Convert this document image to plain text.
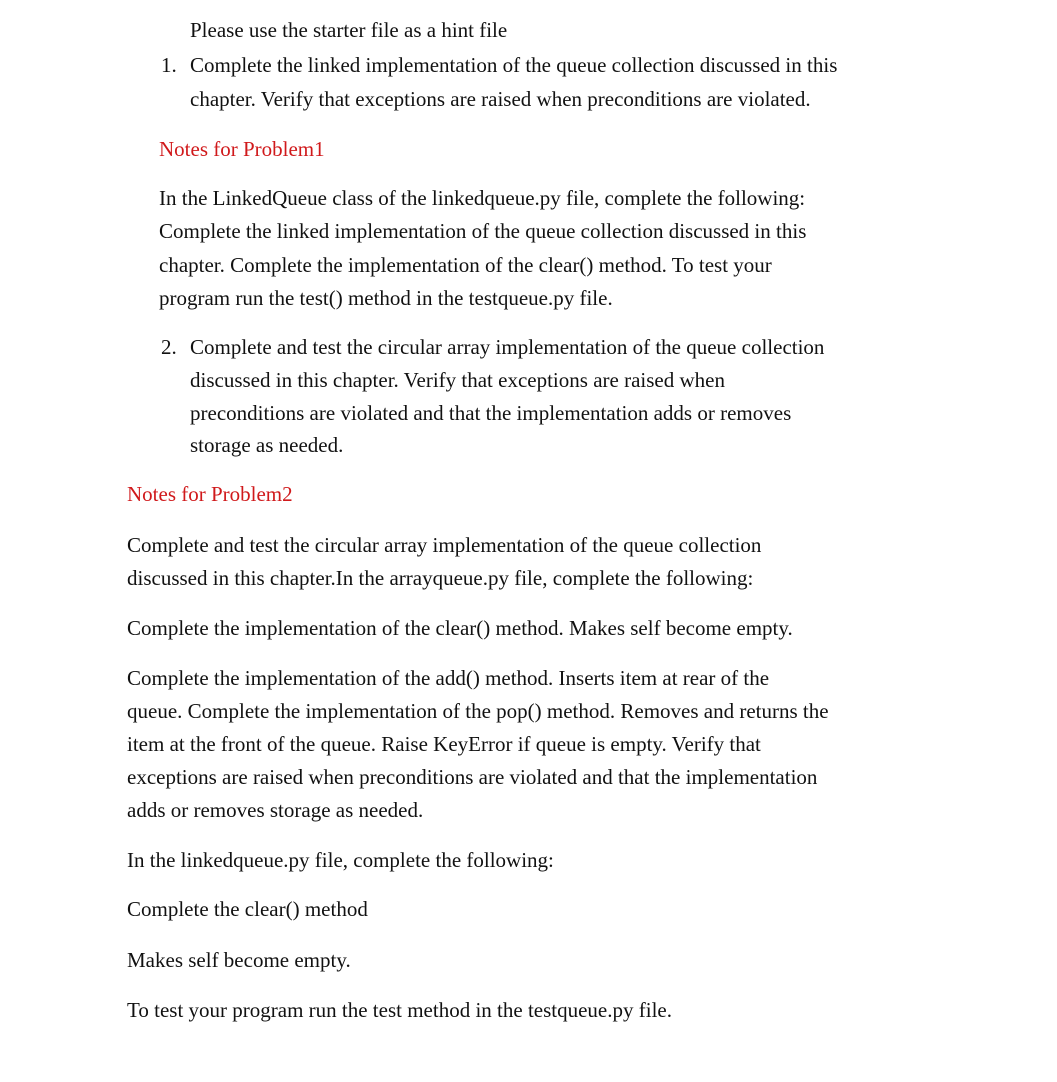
Please use the starter file as a hint file

1. Complete the linked implementation of the queue collection discussed in this

chapter. Verify that exceptions are raised when preconditions are violated.

Notes for Problem1

In the LinkedQueue class of the linkedqueue.py file, complete the following:

Complete the linked implementation of the queue collection discussed in this

chapter. Complete the implementation of the clear() method. To test your

program run the test() method in the testqueue.py file.

2. Complete and test the circular array implementation of the queue collection

discussed in this chapter. Verify that exceptions are raised when

preconditions are violated and that the implementation adds or removes

storage as needed.

Notes for Problem2

Complete and test the circular array implementation of the queue collection

discussed in this chapter.In the arrayqueue.py file, complete the following:

Complete the implementation of the clear() method. Makes self become empty.

Complete the implementation of the add() method. Inserts item at rear of the

queue. Complete the implementation of the pop() method. Removes and returns the

item at the front of the queue. Raise KeyError if queue is empty. Verify that

exceptions are raised when preconditions are violated and that the implementation

adds or removes storage as needed.

In the linkedqueue.py file, complete the following:

Complete the clear() method

Makes self become empty.

To test your program run the test method in the testqueue.py file.
